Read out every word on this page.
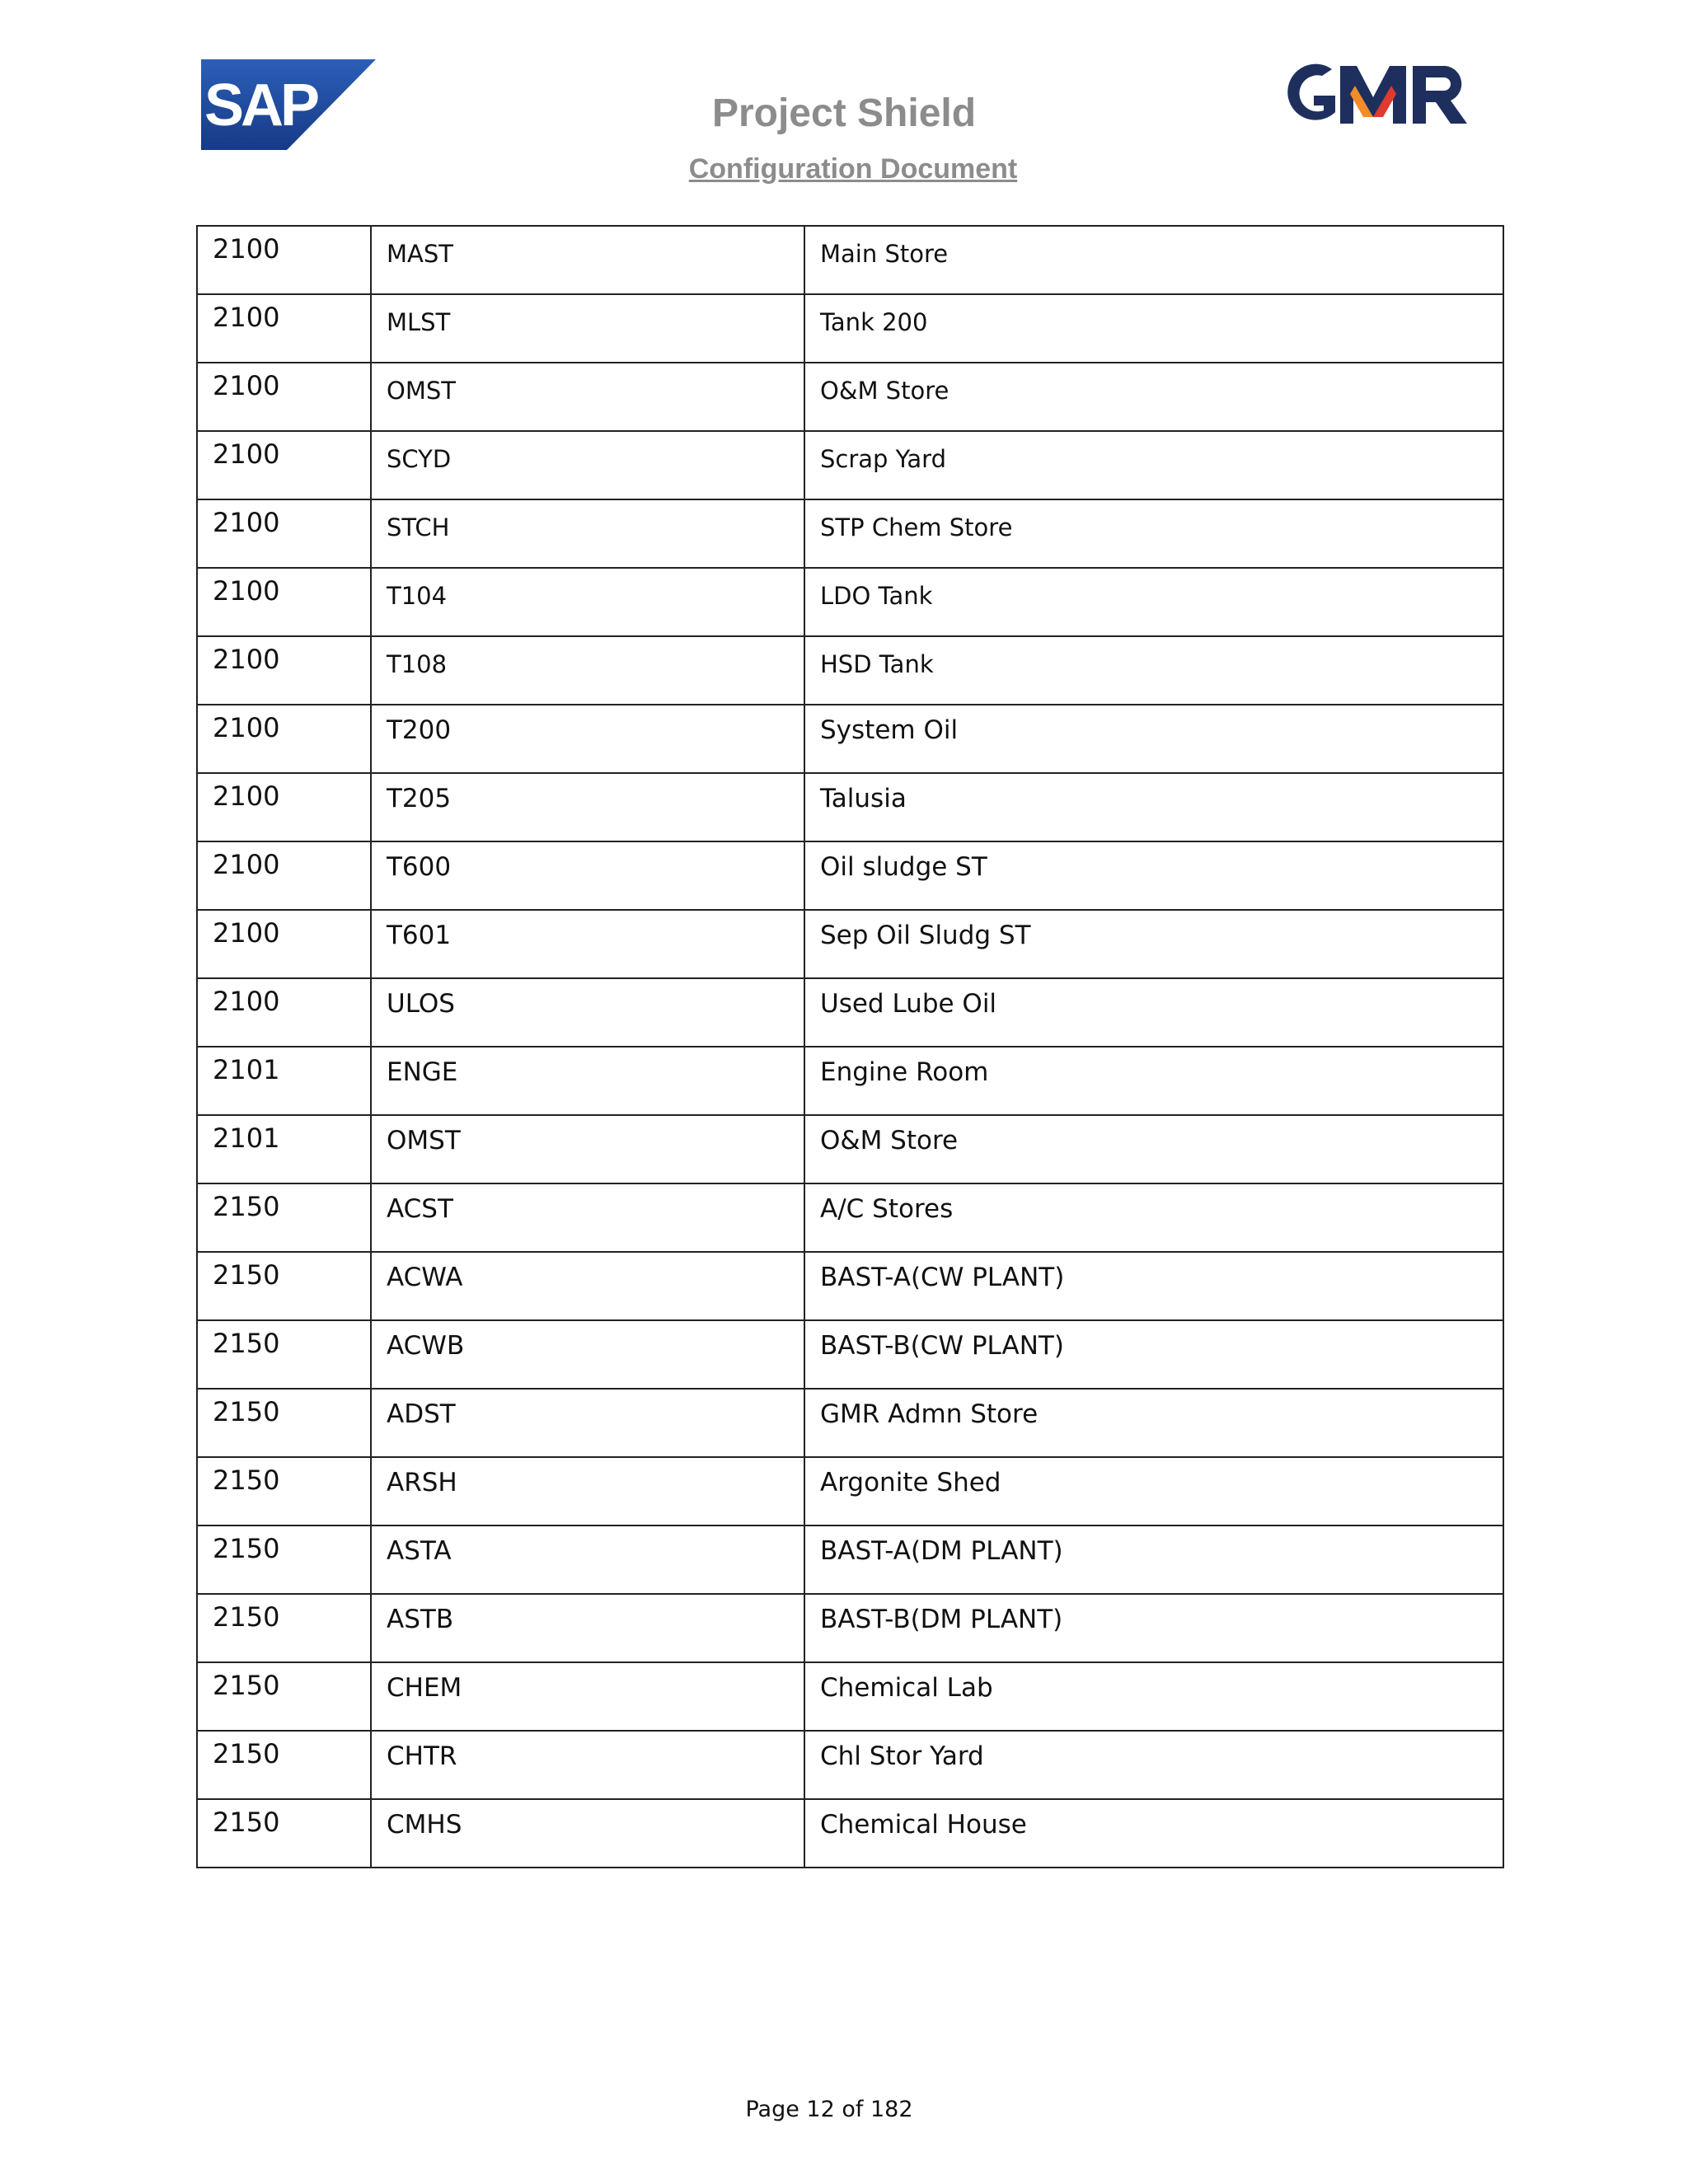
SAP	Project Shield
Configuration Document
GMR
2100	MAST	Main Store
2100	MLST	Tank 200
2100	OMST	O&M Store
2100	SCYD	Scrap Yard
2100	STCH	STP Chem Store
2100	T104	LDO Tank
2100	T108	HSD Tank
2100	T200	System Oil
2100	T205	Talusia
2100	T600	Oil sludge ST
2100	T601	Sep Oil Sludg ST
2100	ULOS	Used Lube Oil
2101	ENGE	Engine Room
2101	OMST	O&M Store
2150	ACST	A/C Stores
2150	ACWA	BAST-A(CW PLANT)
2150	ACWB	BAST-B(CW PLANT)
2150	ADST	GMR Admn Store
2150	ARSH	Argonite Shed
2150	ASTA	BAST-A(DM PLANT)
2150	ASTB	BAST-B(DM PLANT)
2150	CHEM	Chemical Lab
2150	CHTR	Chl Stor Yard
2150	CMHS	Chemical House
Page 12 of 182
